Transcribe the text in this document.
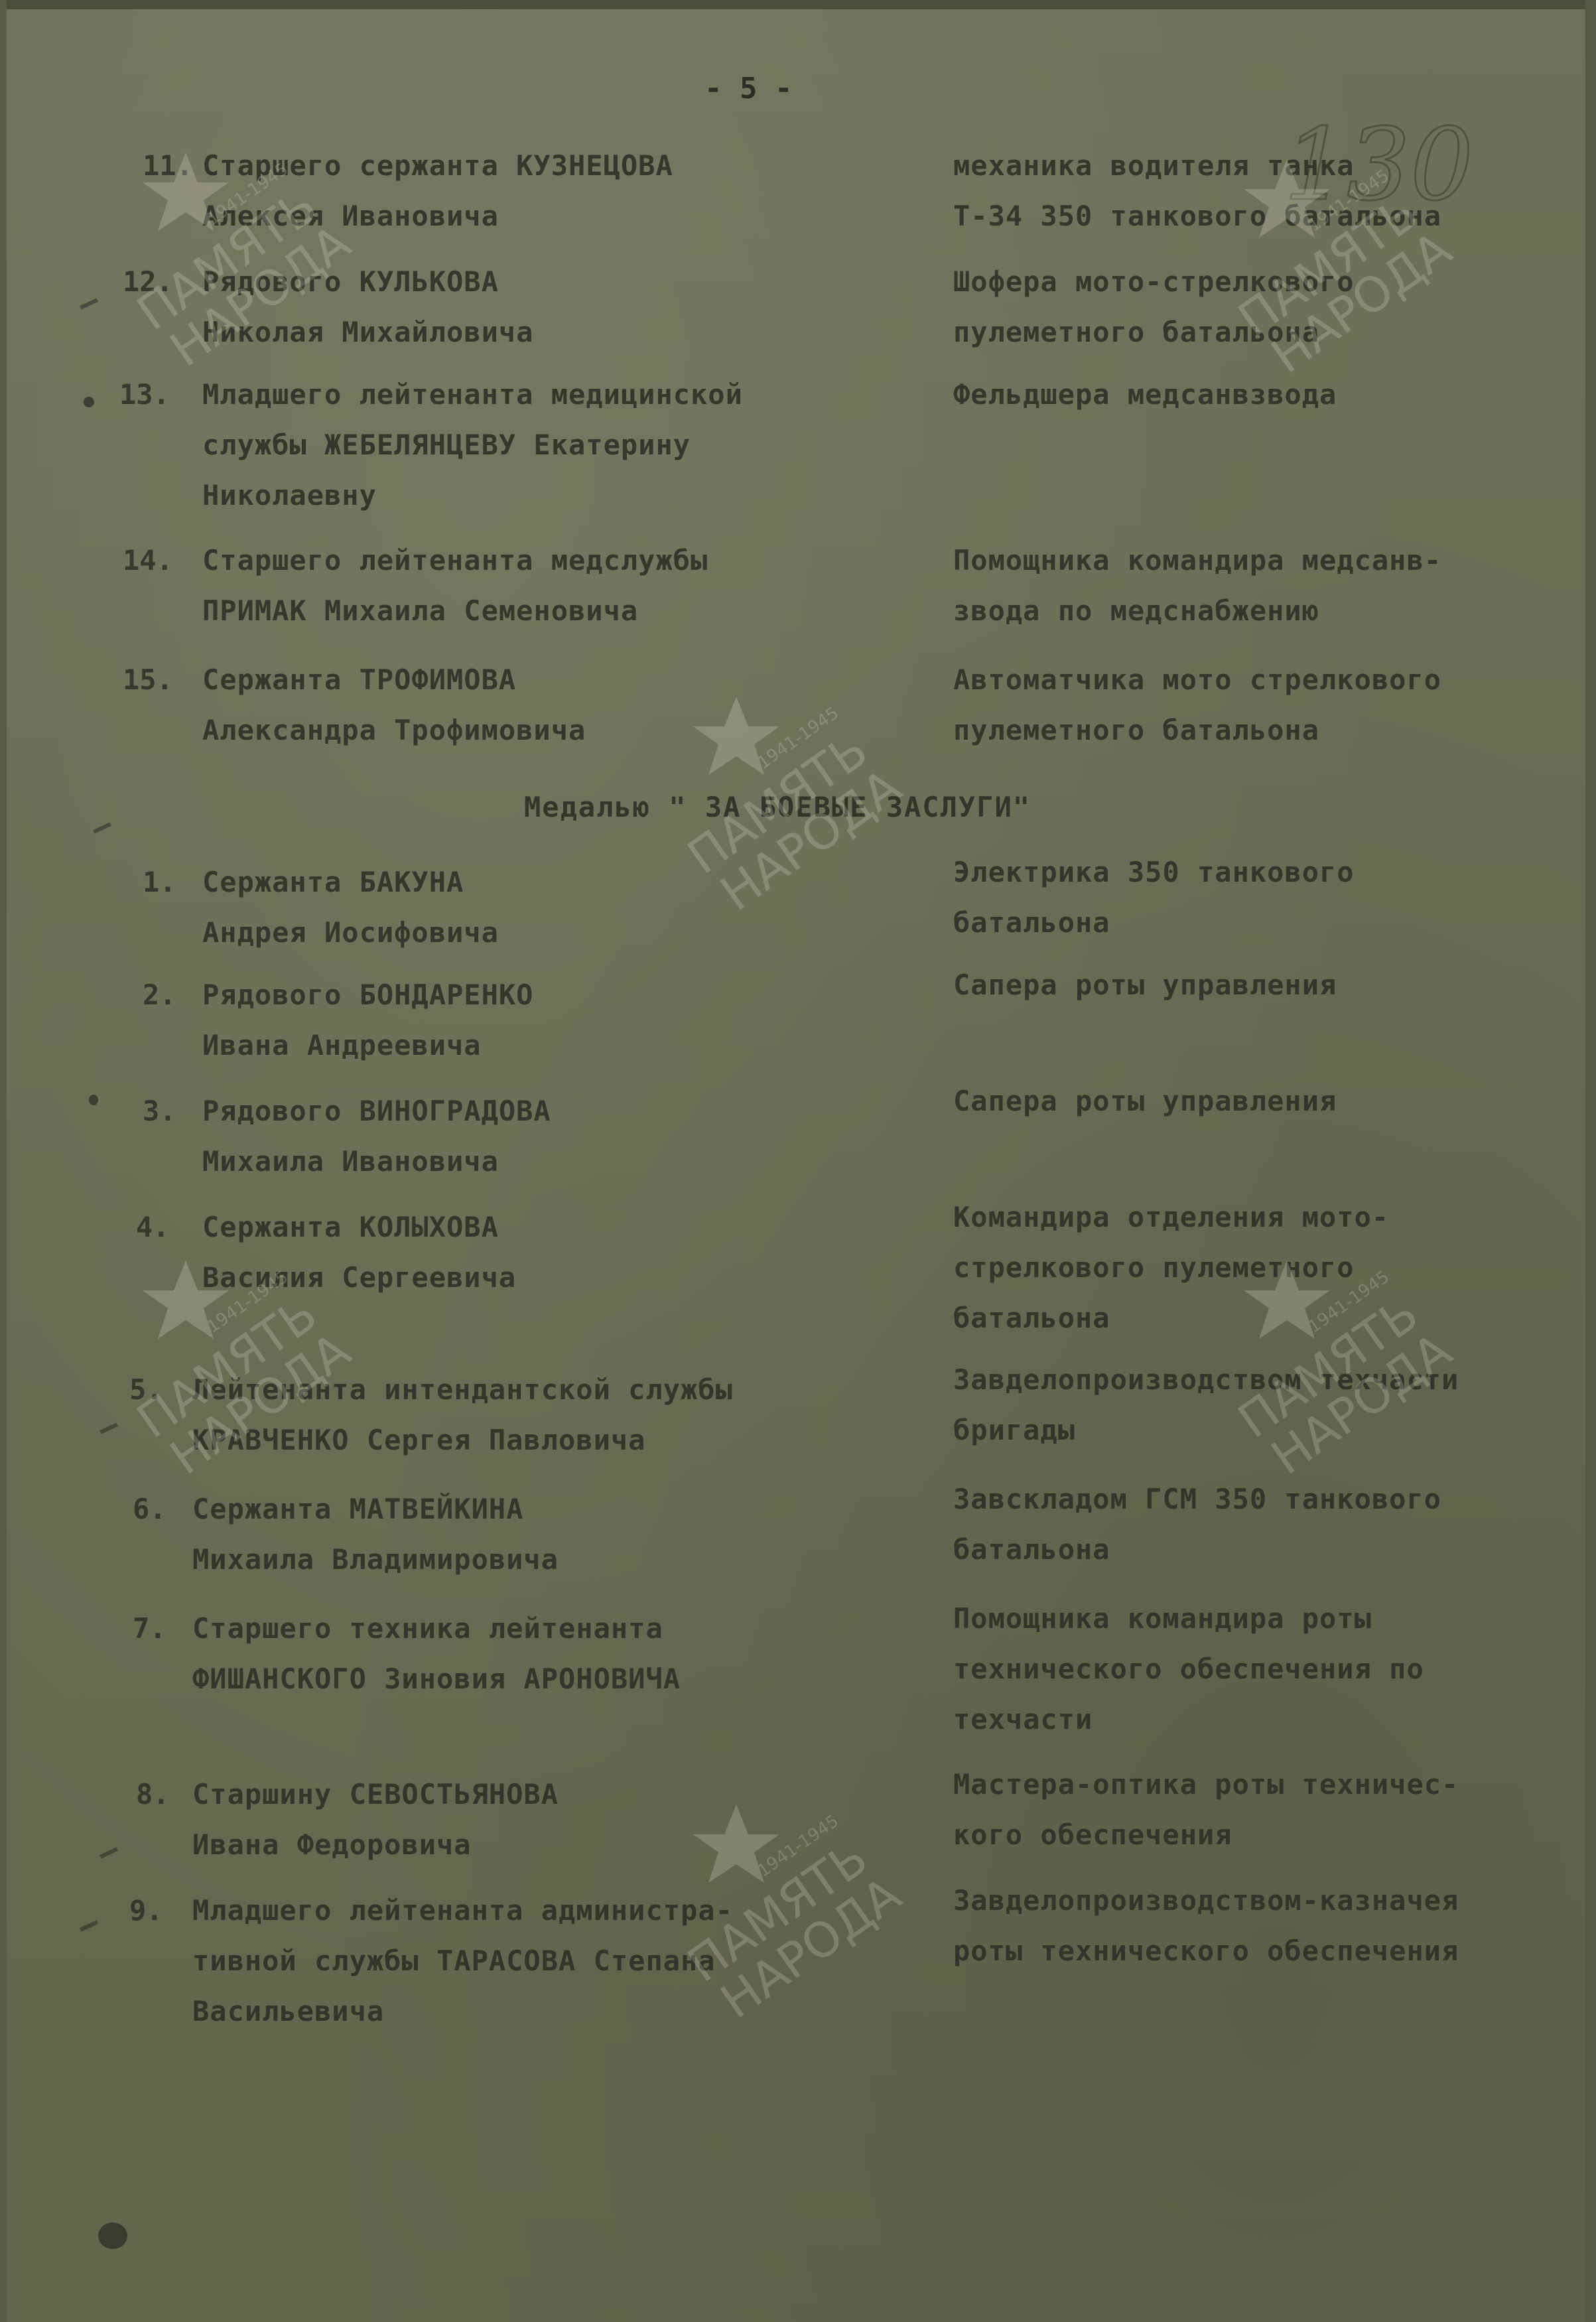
- 5 -
130
11. Старшего сержанта КУЗНЕЦОВА
Алексея Ивановича
механика водителя танка
Т-34 350 танкового батальона
12. Рядового КУЛЬКОВА
Николая Михайловича
Шофера мото-стрелкового
пулеметного батальона
13. Младшего лейтенанта медицинской
службы ЖЕБЕЛЯНЦЕВУ Екатерину
Николаевну
Фельдшера медсанвзвода
14. Старшего лейтенанта медслужбы
ПРИМАК Михаила Семеновича
Помощника командира медсанв-
звода по медснабжению
15. Сержанта ТРОФИМОВА
Александра Трофимовича
Автоматчика мото стрелкового
пулеметного батальона
Медалью " ЗА БОЕВЫЕ ЗАСЛУГИ"
1. Сержанта БАКУНА
Андрея Иосифовича
Электрика 350 танкового
батальона
2. Рядового БОНДАРЕНКО
Ивана Андреевича
Сапера роты управления
3. Рядового ВИНОГРАДОВА
Михаила Ивановича
Сапера роты управления
4. Сержанта КОЛЫХОВА
Василия Сергеевича
Командира отделения мото-
стрелкового пулеметного
батальона
5. Лейтенанта интендантской службы
КРАВЧЕНКО Сергея Павловича
Завделопроизводством техчасти
бригады
6. Сержанта МАТВЕЙКИНА
Михаила Владимировича
Завскладом ГСМ 350 танкового
батальона
7. Старшего техника лейтенанта
ФИШАНСКОГО Зиновия АРОНОВИЧА
Помощника командира роты
технического обеспечения по
техчасти
8. Старшину СЕВОСТЬЯНОВА
Ивана Федоровича
Мастера-оптика роты техничес-
кого обеспечения
9. Младшего лейтенанта администра-
тивной службы ТАРАСОВА Степана
Васильевича
Завделопроизводством-казначея
роты технического обеспечения
